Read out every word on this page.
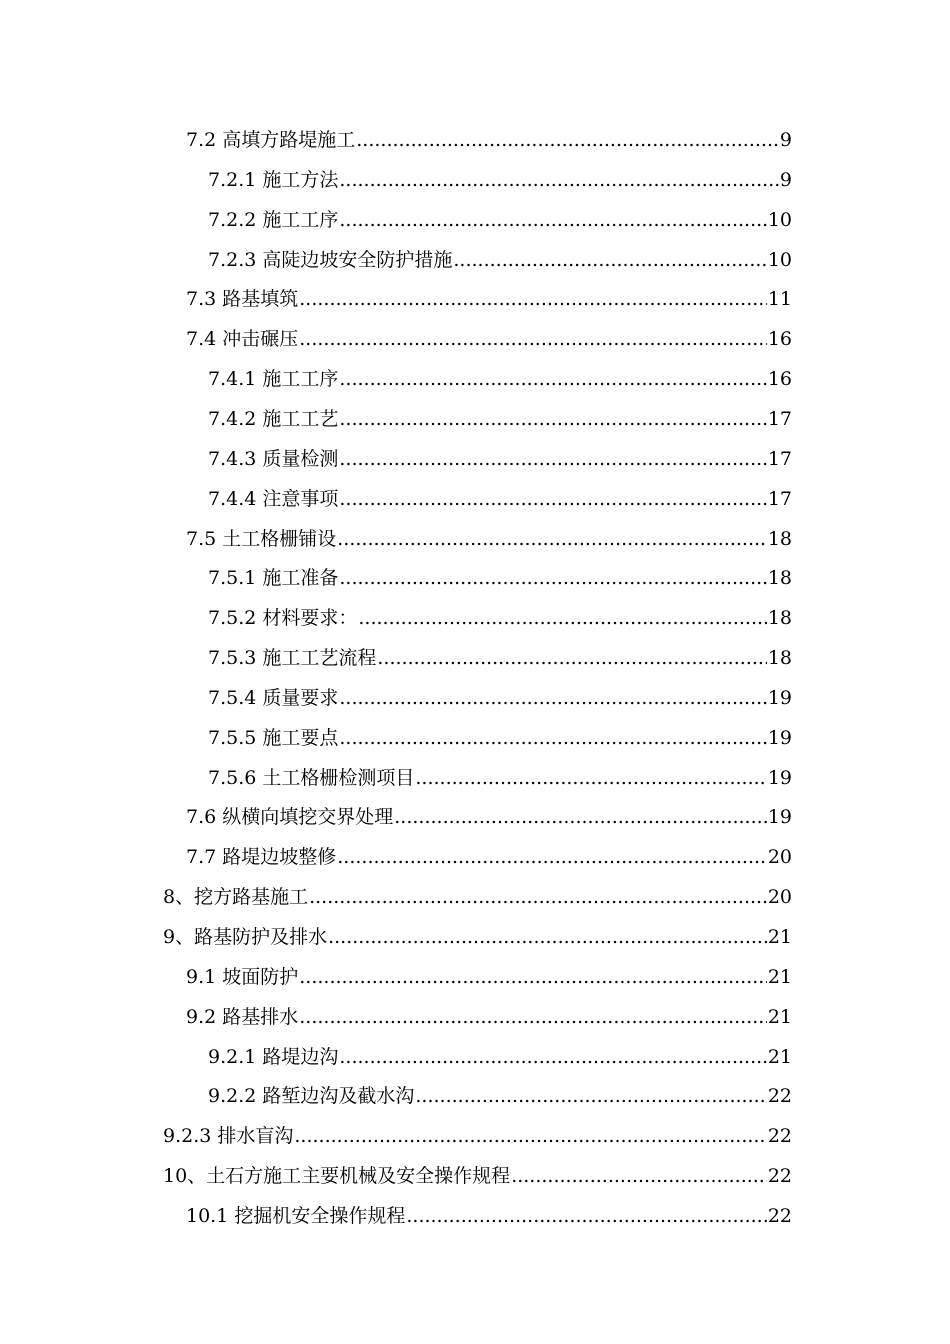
7.2 高填方路堤施工 .....	9
7.2.1 施工方法 .....	9
7.2.2 施工工序 .....	10
7.2.3 高陡边坡安全防护措施 .....	10
7.3 路基填筑 .....	11
7.4 冲击碾压 .....	16
7.4.1 施工工序 .....	16
7.4.2 施工工艺 .....	17
7.4.3 质量检测 .....	17
7.4.4 注意事项 .....	17
7.5 土工格栅铺设 .....	18
7.5.1 施工准备 .....	18
7.5.2 材料要求： .....	18
7.5.3 施工工艺流程 .....	18
7.5.4 质量要求 .....	19
7.5.5 施工要点 .....	19
7.5.6 土工格栅检测项目 .....	19
7.6 纵横向填挖交界处理 .....	19
7.7 路堤边坡整修 .....	20
8、挖方路基施工 .....	20
9、路基防护及排水 .....	21
9.1 坡面防护 .....	21
9.2 路基排水 .....	21
9.2.1 路堤边沟 .....	21
9.2.2 路堑边沟及截水沟 .....	22
9.2.3 排水盲沟 .....	22
10、土石方施工主要机械及安全操作规程 .....	22
10.1 挖掘机安全操作规程 .....	22
